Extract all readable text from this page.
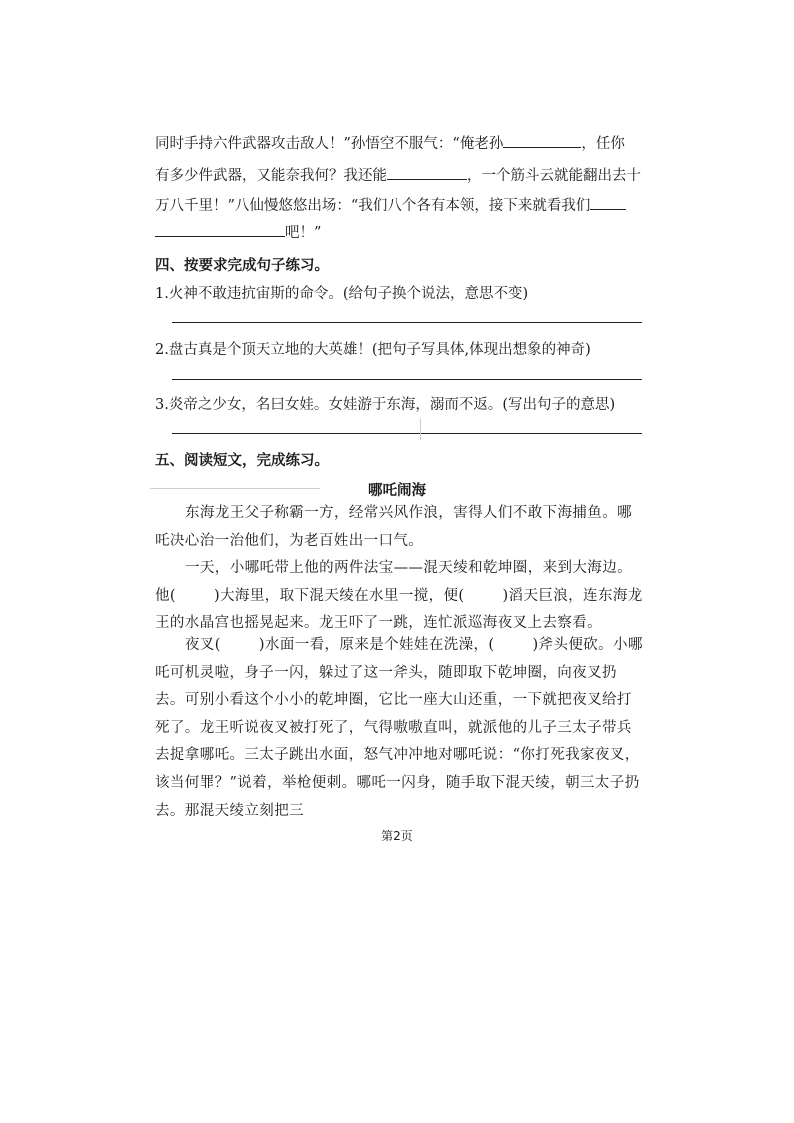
同时手持六件武器攻击敌人！”孙悟空不服气：“俺老孙	，任你
有多少件武器，又能奈我何？我还能	，一个筋斗云就能翻出去十
万八千里！”八仙慢悠悠出场：“我们八个各有本领，接下来就看我们
吧！”
四、按要求完成句子练习。
1.火神不敢违抗宙斯的命令。(给句子换个说法，意思不变)
2.盘古真是个顶天立地的大英雄！(把句子写具体,体现出想象的神奇)
3.炎帝之少女，名曰女娃。女娃游于东海，溺而不返。(写出句子的意思)
五、阅读短文，完成练习。
哪吒闹海
东海龙王父子称霸一方，经常兴风作浪，害得人们不敢下海捕鱼。哪吒决心治一治他们，为老百姓出一口气。
一天，小哪吒带上他的两件法宝——混天绫和乾坤圈，来到大海边。他(	)大海里，取下混天绫在水里一搅，便(	)滔天巨浪，连东海龙王的水晶宫也摇晃起来。龙王吓了一跳，连忙派巡海夜叉上去察看。
夜叉(	)水面一看，原来是个娃娃在洗澡，(	)斧头便砍。小哪吒可机灵啦，身子一闪，躲过了这一斧头，随即取下乾坤圈，向夜叉扔去。可别小看这个小小的乾坤圈，它比一座大山还重，一下就把夜叉给打死了。龙王听说夜叉被打死了，气得嗷嗷直叫，就派他的儿子三太子带兵去捉拿哪吒。三太子跳出水面，怒气冲冲地对哪吒说：“你打死我家夜叉，该当何罪？”说着，举枪便刺。哪吒一闪身，随手取下混天绫，朝三太子扔去。那混天绫立刻把三
第2页
